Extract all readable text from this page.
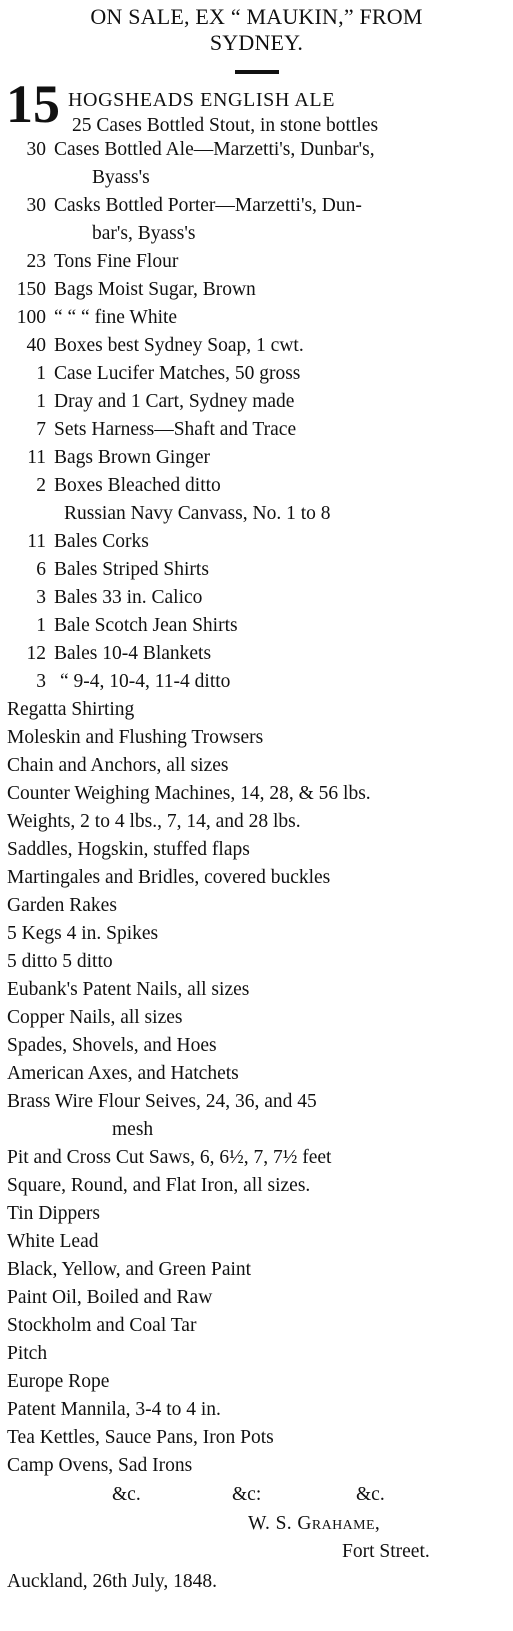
ON SALE, EX “ MAUKIN,” FROM

SYDNEY.

15 HOGSHEADS ENGLISH ALE
25 Cases Bottled Stout, in stone bottles
30 Cases Bottled Ale—Marzetti's, Dunbar's,
Byass's
30 Casks Bottled Porter—Marzetti's, Dun-
bar's, Byass's
23 Tons Fine Flour
150 Bags Moist Sugar, Brown
100 “ “ “ fine White
40 Boxes best Sydney Soap, 1 cwt.
1 Case Lucifer Matches, 50 gross
1 Dray and 1 Cart, Sydney made
7 Sets Harness—Shaft and Trace
11 Bags Brown Ginger
2 Boxes Bleached ditto
Russian Navy Canvass, No. 1 to 8
11 Bales Corks
6 Bales Striped Shirts
3 Bales 33 in. Calico
1 Bale Scotch Jean Shirts
12 Bales 10-4 Blankets
3 “ 9-4, 10-4, 11-4 ditto
Regatta Shirting
Moleskin and Flushing Trowsers
Chain and Anchors, all sizes
Counter Weighing Machines, 14, 28, & 56 lbs.
Weights, 2 to 4 lbs., 7, 14, and 28 lbs.
Saddles, Hogskin, stuffed flaps
Martingales and Bridles, covered buckles
Garden Rakes
5 Kegs 4 in. Spikes
5 ditto 5 ditto
Eubank's Patent Nails, all sizes
Copper Nails, all sizes
Spades, Shovels, and Hoes
American Axes, and Hatchets
Brass Wire Flour Seives, 24, 36, and 45
mesh
Pit and Cross Cut Saws, 6, 6½, 7, 7½ feet
Square, Round, and Flat Iron, all sizes.
Tin Dippers
White Lead
Black, Yellow, and Green Paint
Paint Oil, Boiled and Raw
Stockholm and Coal Tar
Pitch
Europe Rope
Patent Mannila, 3-4 to 4 in.
Tea Kettles, Sauce Pans, Iron Pots
Camp Ovens, Sad Irons
&c.	&c:	&c.
W. S. Grahame,
Fort Street.
Auckland, 26th July, 1848.
